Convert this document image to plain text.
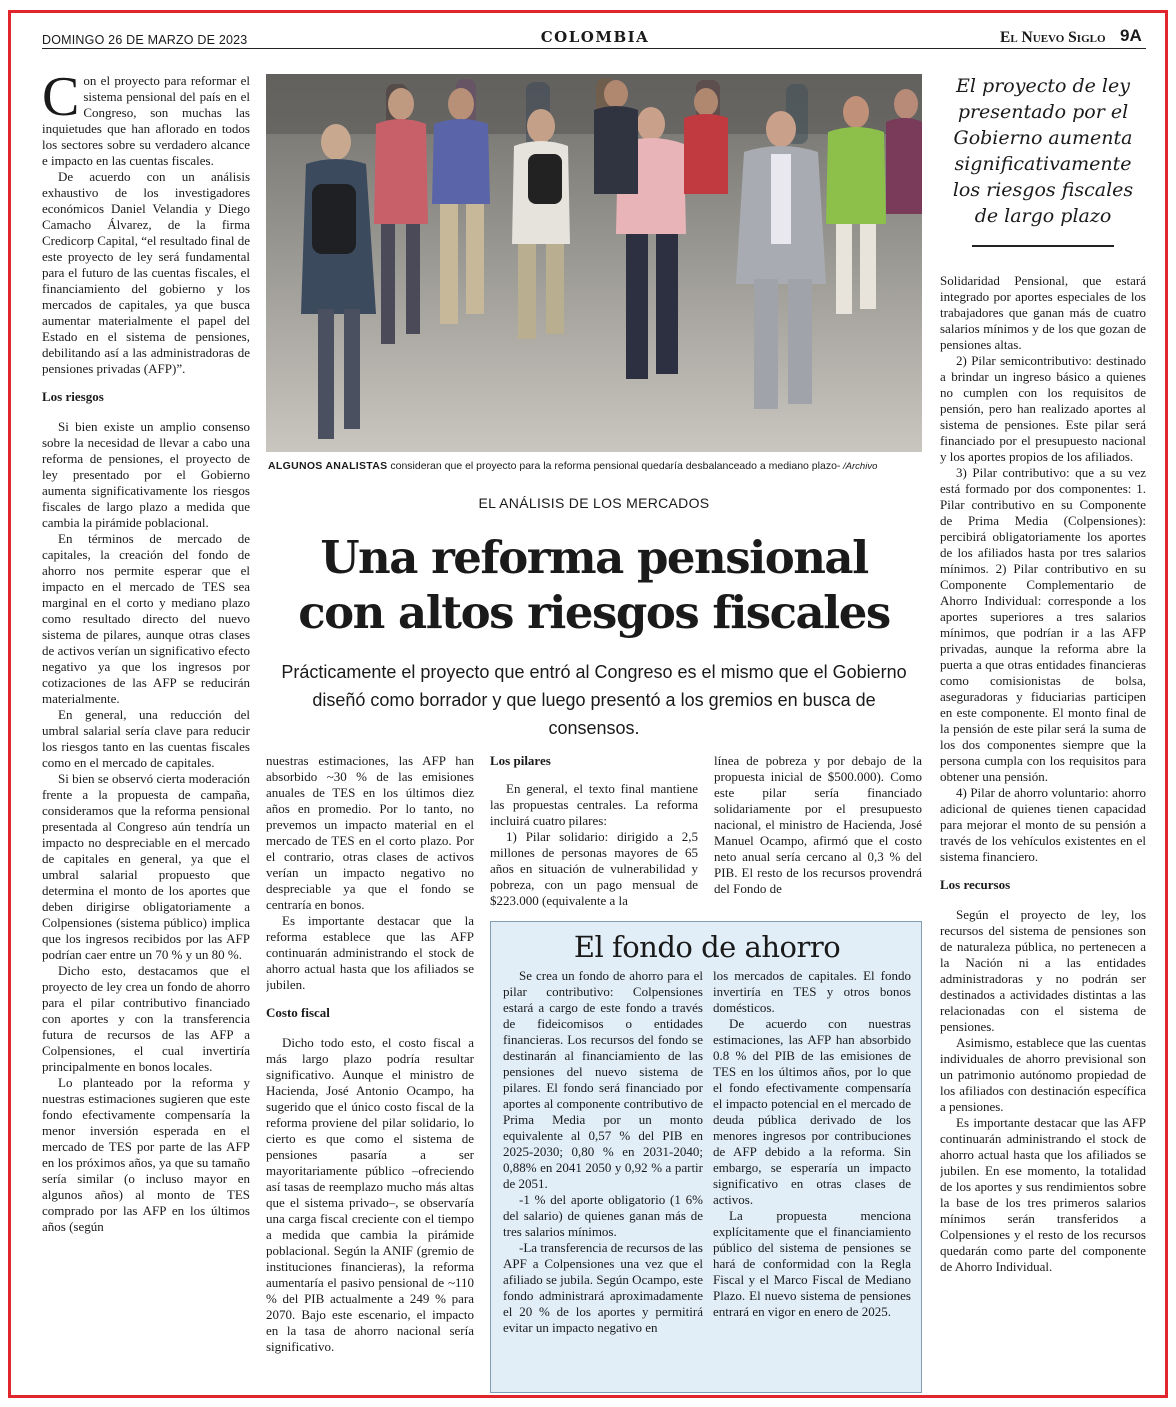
DOMINGO 26 DE MARZO DE 2023	COLOMBIA	El Nuevo Siglo 9A

Con el proyecto para reformar el sistema pensional del país en el Congreso, son muchas las inquietudes que han aflorado en todos los sectores sobre su verdadero alcance e impacto en las cuentas fiscales.

De acuerdo con un análisis exhaustivo de los investigadores económicos Daniel Velandia y Diego Camacho Álvarez, de la firma Credicorp Capital, “el resultado final de este proyecto de ley será fundamental para el futuro de las cuentas fiscales, el financiamiento del gobierno y los mercados de capitales, ya que busca aumentar materialmente el papel del Estado en el sistema de pensiones, debilitando así a las administradoras de pensiones privadas (AFP)”.

Los riesgos

Si bien existe un amplio consenso sobre la necesidad de llevar a cabo una reforma de pensiones, el proyecto de ley presentado por el Gobierno aumenta significativamente los riesgos fiscales de largo plazo a medida que cambia la pirámide poblacional.

En términos de mercado de capitales, la creación del fondo de ahorro nos permite esperar que el impacto en el mercado de TES sea marginal en el corto y mediano plazo como resultado directo del nuevo sistema de pilares, aunque otras clases de activos verían un significativo efecto negativo ya que los ingresos por cotizaciones de las AFP se reducirán materialmente.

En general, una reducción del umbral salarial sería clave para reducir los riesgos tanto en las cuentas fiscales como en el mercado de capitales.

Si bien se observó cierta moderación frente a la propuesta de campaña, consideramos que la reforma pensional presentada al Congreso aún tendría un impacto no despreciable en el mercado de capitales en general, ya que el umbral salarial propuesto que determina el monto de los aportes que deben dirigirse obligatoriamente a Colpensiones (sistema público) implica que los ingresos recibidos por las AFP podrían caer entre un 70 % y un 80 %.

Dicho esto, destacamos que el proyecto de ley crea un fondo de ahorro para el pilar contributivo financiado con aportes y con la transferencia futura de recursos de las AFP a Colpensiones, el cual invertiría principalmente en bonos locales.

Lo planteado por la reforma y nuestras estimaciones sugieren que este fondo efectivamente compensaría la menor inversión esperada en el mercado de TES por parte de las AFP en los próximos años, ya que su tamaño sería similar (o incluso mayor en algunos años) al monto de TES comprado por las AFP en los últimos años (según

ALGUNOS ANALISTAS consideran que el proyecto para la reforma pensional quedaría desbalanceado a mediano plazo- /Archivo
EL ANÁLISIS DE LOS MERCADOS
Una reforma pensional
con altos riesgos fiscales
Prácticamente el proyecto que entró al Congreso es el mismo que el Gobierno diseñó como borrador y que luego presentó a los gremios en busca de consensos.

nuestras estimaciones, las AFP han absorbido ~30 % de las emisiones anuales de TES en los últimos diez años en promedio. Por lo tanto, no prevemos un impacto material en el mercado de TES en el corto plazo. Por el contrario, otras clases de activos verían un impacto negativo no despreciable ya que el fondo se centraría en bonos.

Es importante destacar que la reforma establece que las AFP continuarán administrando el stock de ahorro actual hasta que los afiliados se jubilen.

Costo fiscal

Dicho todo esto, el costo fiscal a más largo plazo podría resultar significativo. Aunque el ministro de Hacienda, José Antonio Ocampo, ha sugerido que el único costo fiscal de la reforma proviene del pilar solidario, lo cierto es que como el sistema de pensiones pasaría a ser mayoritariamente público –ofreciendo así tasas de reemplazo mucho más altas que el sistema privado–, se observaría una carga fiscal creciente con el tiempo a medida que cambia la pirámide poblacional. Según la ANIF (gremio de instituciones financieras), la reforma aumentaría el pasivo pensional de ~110 % del PIB actualmente a 249 % para 2070. Bajo este escenario, el impacto en la tasa de ahorro nacional sería significativo.

Los pilares

En general, el texto final mantiene las propuestas centrales. La reforma incluirá cuatro pilares:

1) Pilar solidario: dirigido a 2,5 millones de personas mayores de 65 años en situación de vulnerabilidad y pobreza, con un pago mensual de $223.000 (equivalente a la

línea de pobreza y por debajo de la propuesta inicial de $500.000). Como este pilar sería financiado solidariamente por el presupuesto nacional, el ministro de Hacienda, José Manuel Ocampo, afirmó que el costo neto anual sería cercano al 0,3 % del PIB. El resto de los recursos provendrá del Fondo de

El proyecto de ley presentado por el Gobierno aumenta significativamente los riesgos fiscales de largo plazo

Solidaridad Pensional, que estará integrado por aportes especiales de los trabajadores que ganan más de cuatro salarios mínimos y de los que gozan de pensiones altas.

2) Pilar semicontributivo: destinado a brindar un ingreso básico a quienes no cumplen con los requisitos de pensión, pero han realizado aportes al sistema de pensiones. Este pilar será financiado por el presupuesto nacional y los aportes propios de los afiliados.

3) Pilar contributivo: que a su vez está formado por dos componentes: 1. Pilar contributivo en su Componente de Prima Media (Colpensiones): percibirá obligatoriamente los aportes de los afiliados hasta por tres salarios mínimos. 2) Pilar contributivo en su Componente Complementario de Ahorro Individual: corresponde a los aportes superiores a tres salarios mínimos, que podrían ir a las AFP privadas, aunque la reforma abre la puerta a que otras entidades financieras como comisionistas de bolsa, aseguradoras y fiduciarias participen en este componente. El monto final de la pensión de este pilar será la suma de los dos componentes siempre que la persona cumpla con los requisitos para obtener una pensión.

4) Pilar de ahorro voluntario: ahorro adicional de quienes tienen capacidad para mejorar el monto de su pensión a través de los vehículos existentes en el sistema financiero.

Los recursos

Según el proyecto de ley, los recursos del sistema de pensiones son de naturaleza pública, no pertenecen a la Nación ni a las entidades administradoras y no podrán ser destinados a actividades distintas a las relacionadas con el sistema de pensiones.

Asimismo, establece que las cuentas individuales de ahorro previsional son un patrimonio autónomo propiedad de los afiliados con destinación específica a pensiones.

Es importante destacar que las AFP continuarán administrando el stock de ahorro actual hasta que los afiliados se jubilen. En ese momento, la totalidad de los aportes y sus rendimientos sobre la base de los tres primeros salarios mínimos serán transferidos a Colpensiones y el resto de los recursos quedarán como parte del componente de Ahorro Individual.

El fondo de ahorro

Se crea un fondo de ahorro para el pilar contributivo: Colpensiones estará a cargo de este fondo a través de fideicomisos o entidades financieras. Los recursos del fondo se destinarán al financiamiento de las pensiones del nuevo sistema de pilares. El fondo será financiado por aportes al componente contributivo de Prima Media por un monto equivalente al 0,57 % del PIB en 2025-2030; 0,80 % en 2031-2040; 0,88% en 2041 2050 y 0,92 % a partir de 2051.

-1 % del aporte obligatorio (1 6% del salario) de quienes ganan más de tres salarios mínimos.

-La transferencia de recursos de las APF a Colpensiones una vez que el afiliado se jubila. Según Ocampo, este fondo administrará aproximadamente el 20 % de los aportes y permitirá evitar un impacto negativo en

los mercados de capitales. El fondo invertiría en TES y otros bonos domésticos.

De acuerdo con nuestras estimaciones, las AFP han absorbido 0.8 % del PIB de las emisiones de TES en los últimos años, por lo que el fondo efectivamente compensaría el impacto potencial en el mercado de deuda pública derivado de los menores ingresos por contribuciones de AFP debido a la reforma. Sin embargo, se esperaría un impacto significativo en otras clases de activos.

La propuesta menciona explícitamente que el financiamiento público del sistema de pensiones se hará de conformidad con la Regla Fiscal y el Marco Fiscal de Mediano Plazo. El nuevo sistema de pensiones entrará en vigor en enero de 2025.
